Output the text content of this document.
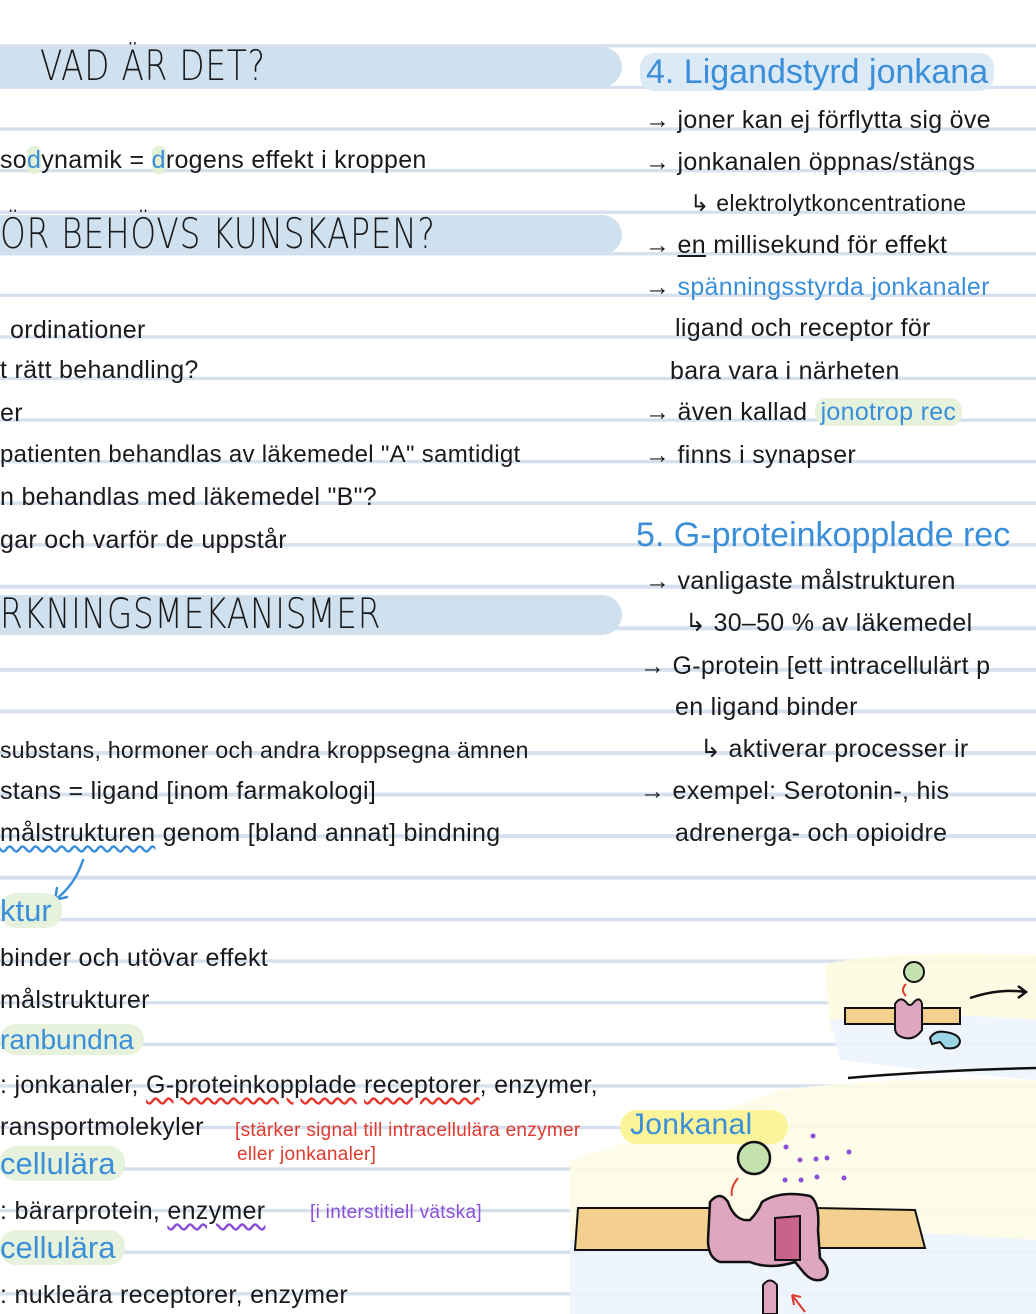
VAD ÄR DET?
sodynamik = drogens effekt i kroppen
ÖR BEHÖVS KUNSKAPEN?
ordinationer
t rätt behandling?
er
patienten behandlas av läkemedel "A" samtidigt
n behandlas med läkemedel "B"?
gar och varför de uppstår
RKNINGSMEKANISMER
substans, hormoner och andra kroppsegna ämnen
stans = ligand [inom farmakologi]
målstrukturen genom [bland annat] bindning
ktur
binder och utövar effekt
målstrukturer
ranbundna
: jonkanaler, G-proteinkopplade receptorer, enzymer,
ransportmolekyler [stärker signal till intracellulära enzymer
eller jonkanaler]
cellulära
: bärarprotein, enzymer [i interstitiell vätska]
cellulära
: nukleära receptorer, enzymer
4. Ligandstyrd jonkana
→ joner kan ej förflytta sig öve
→ jonkanalen öppnas/stängs
↳ elektrolytkoncentratione
→ en millisekund för effekt
→ spänningsstyrda jonkanaler
ligand och receptor för
bara vara i närheten
→ även kallad jonotrop rec
→ finns i synapser
5. G-proteinkopplade rec
→ vanligaste målstrukturen
↳ 30–50 % av läkemedel
→ G-protein [ett intracellulärt p
en ligand binder
↳ aktiverar processer ir
→ exempel: Serotonin-, his
adrenerga- och opioidre
Jonkanal
